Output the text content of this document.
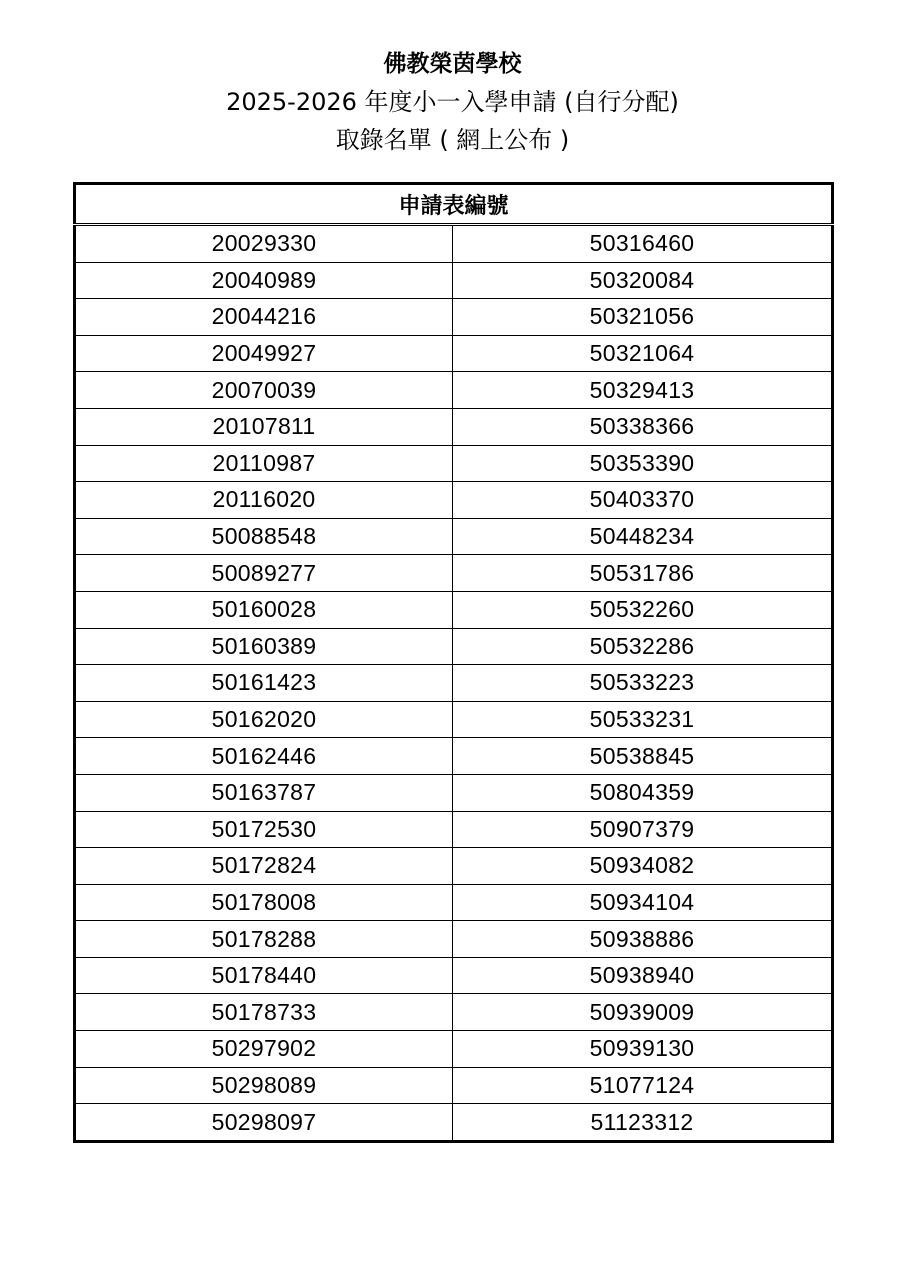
佛教榮茵學校
2025-2026 年度小一入學申請 (自行分配)
取錄名單 ( 網上公布 )
申請表編號	
20029330	50316460
20040989	50320084
20044216	50321056
20049927	50321064
20070039	50329413
20107811	50338366
20110987	50353390
20116020	50403370
50088548	50448234
50089277	50531786
50160028	50532260
50160389	50532286
50161423	50533223
50162020	50533231
50162446	50538845
50163787	50804359
50172530	50907379
50172824	50934082
50178008	50934104
50178288	50938886
50178440	50938940
50178733	50939009
50297902	50939130
50298089	51077124
50298097	51123312
